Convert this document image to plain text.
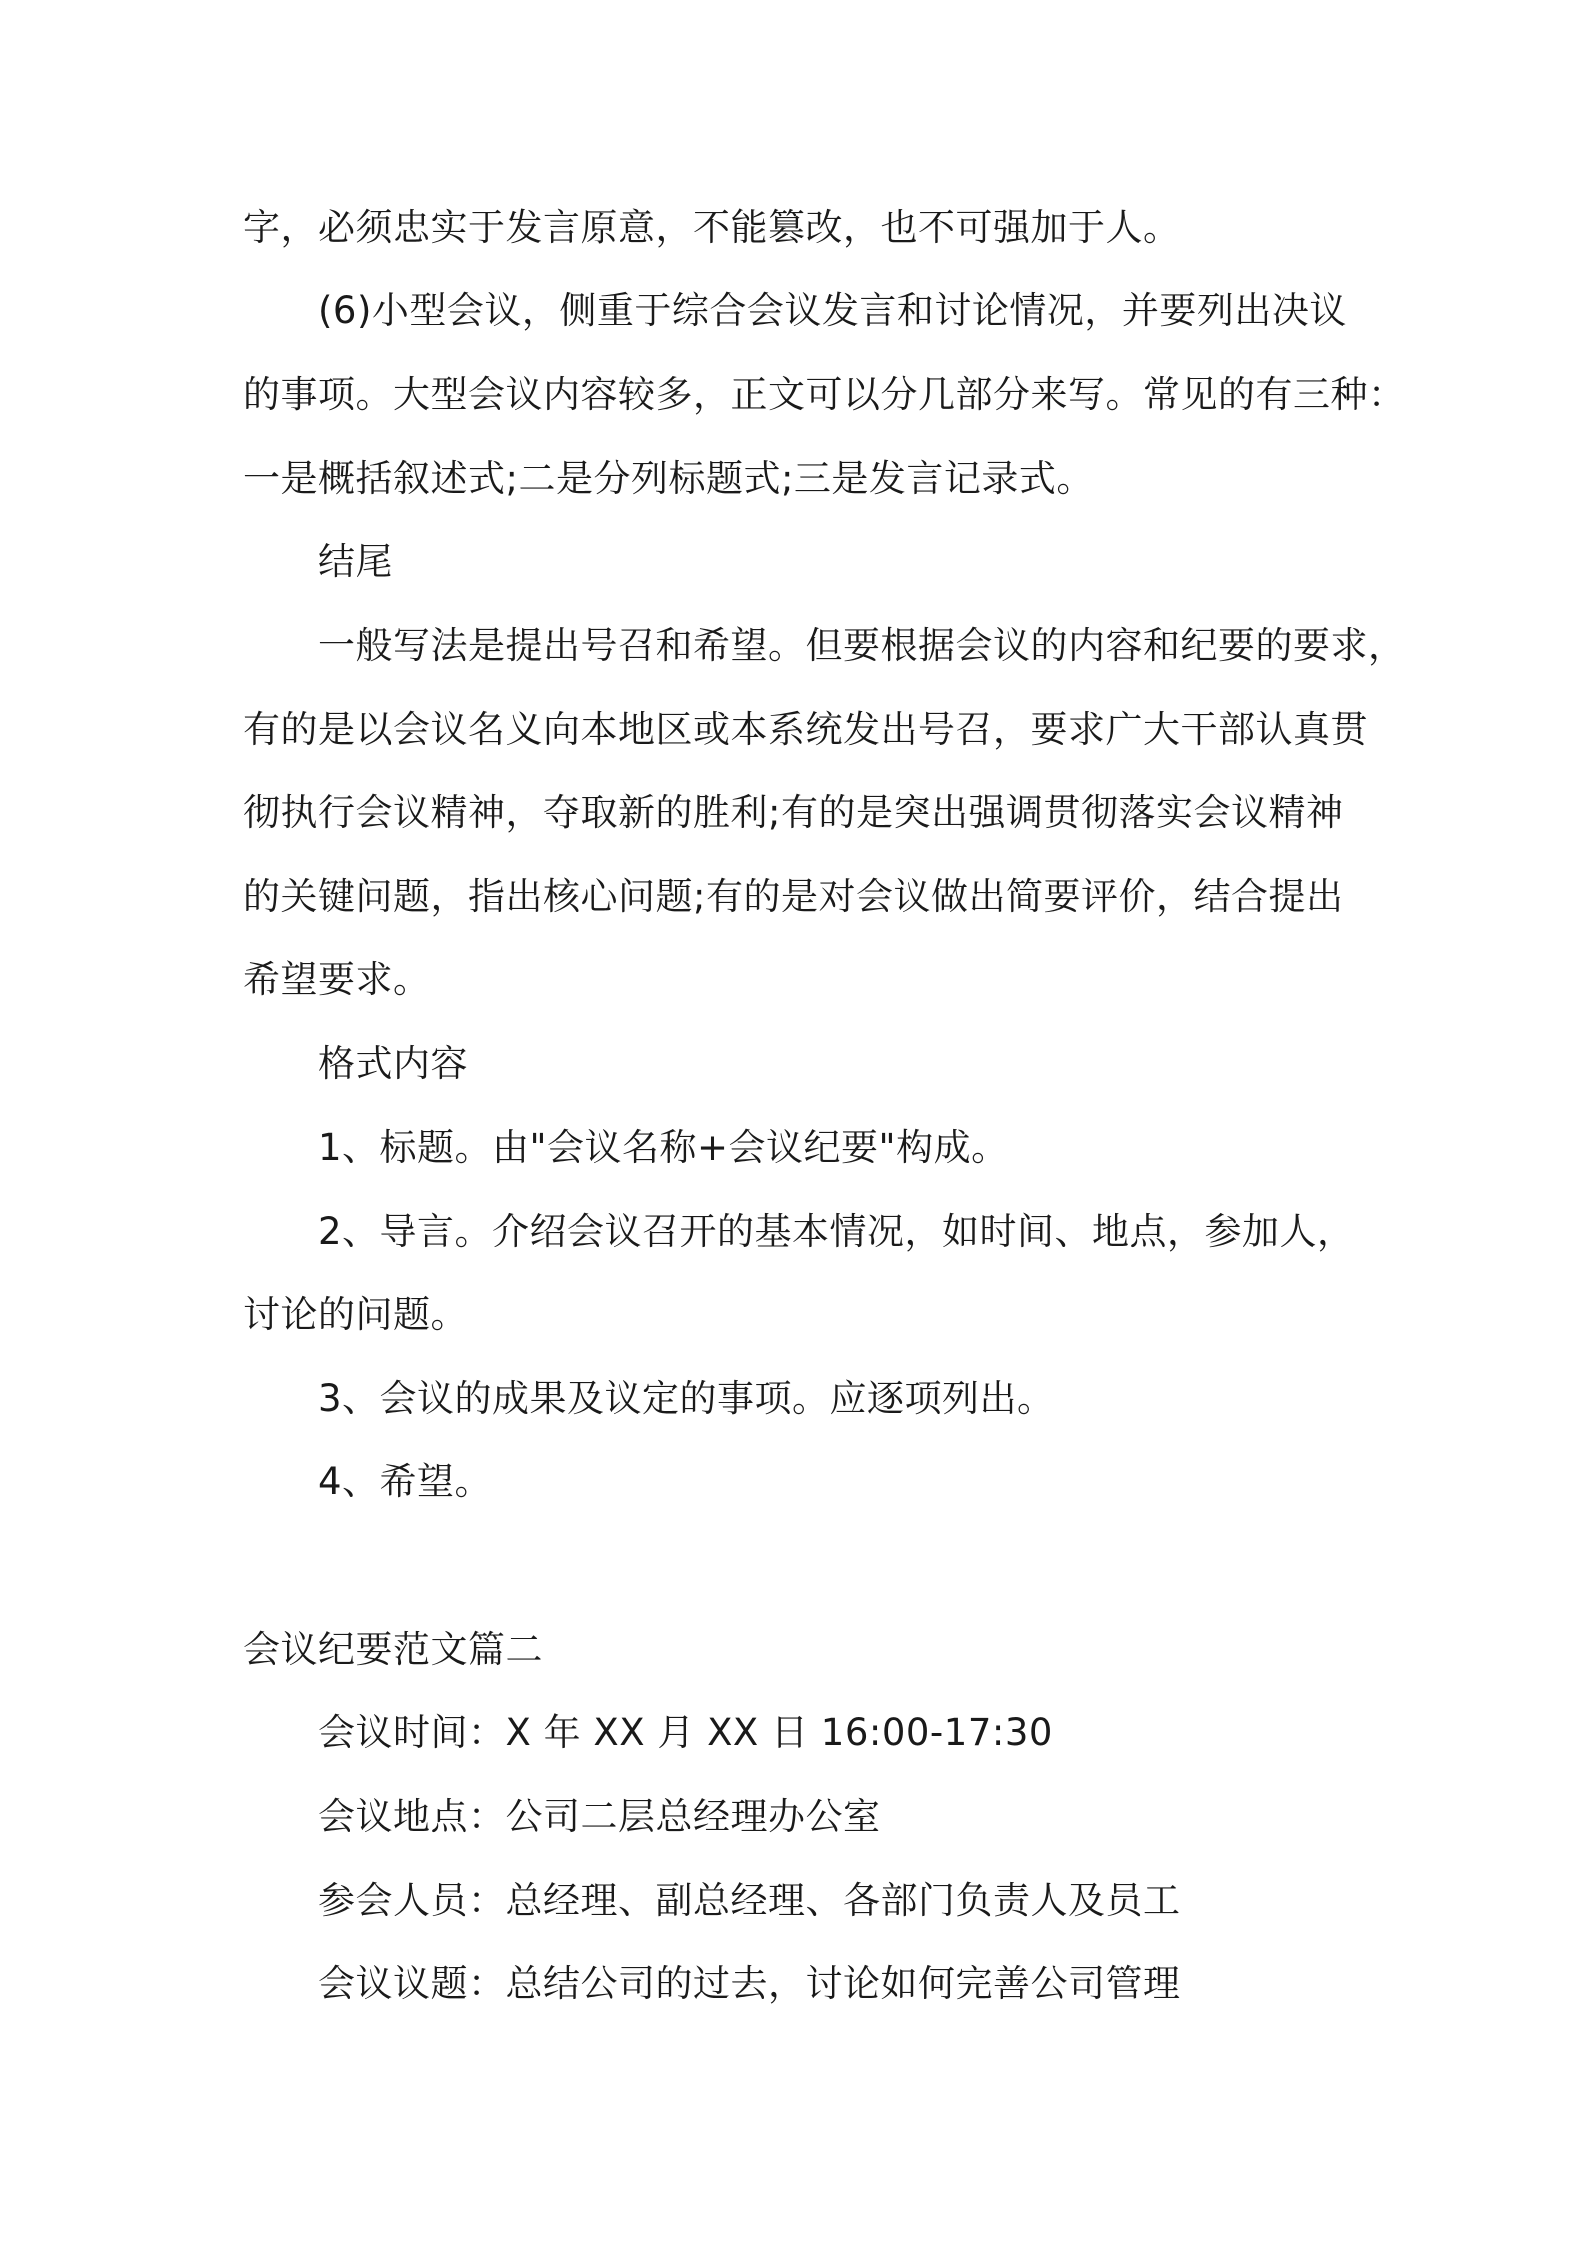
字，必须忠实于发言原意，不能篡改，也不可强加于人。
(6)小型会议，侧重于综合会议发言和讨论情况，并要列出决议
的事项。大型会议内容较多，正文可以分几部分来写。常见的有三种：
一是概括叙述式;二是分列标题式;三是发言记录式。
结尾
一般写法是提出号召和希望。但要根据会议的内容和纪要的要求，
有的是以会议名义向本地区或本系统发出号召，要求广大干部认真贯
彻执行会议精神，夺取新的胜利;有的是突出强调贯彻落实会议精神
的关键问题，指出核心问题;有的是对会议做出简要评价，结合提出
希望要求。
格式内容
1、标题。由"会议名称+会议纪要"构成。
2、导言。介绍会议召开的基本情况，如时间、地点，参加人，
讨论的问题。
3、会议的成果及议定的事项。应逐项列出。
4、希望。
会议纪要范文篇二
会议时间：X 年 XX 月 XX 日 16:00-17:30
会议地点：公司二层总经理办公室
参会人员：总经理、副总经理、各部门负责人及员工
会议议题：总结公司的过去，讨论如何完善公司管理
